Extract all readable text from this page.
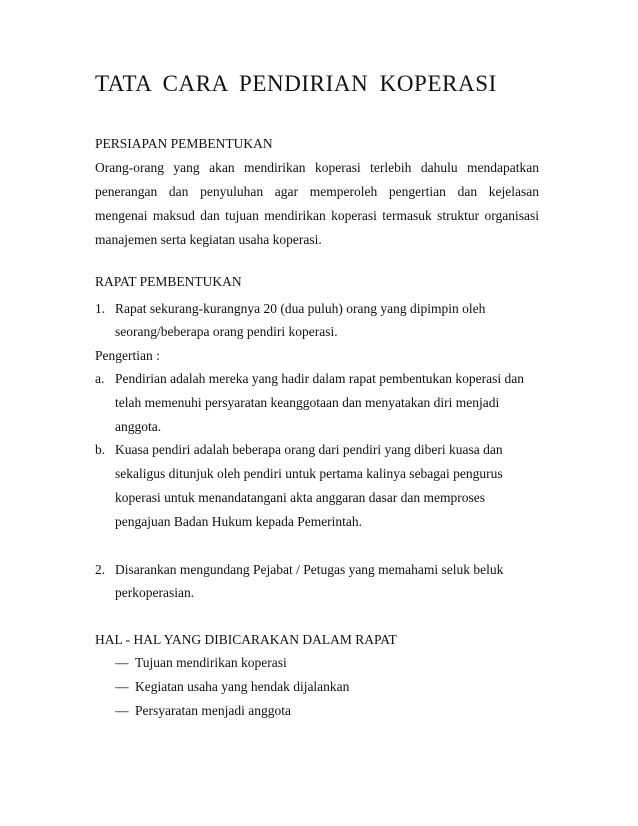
TATA CARA PENDIRIAN KOPERASI
PERSIAPAN PEMBENTUKAN
Orang-orang yang akan mendirikan koperasi terlebih dahulu mendapatkan
penerangan dan penyuluhan agar memperoleh pengertian dan kejelasan
mengenai maksud dan tujuan mendirikan koperasi termasuk struktur organisasi
manajemen serta kegiatan usaha koperasi.
RAPAT PEMBENTUKAN
1. Rapat sekurang-kurangnya 20 (dua puluh) orang yang dipimpin oleh
seorang/beberapa orang pendiri koperasi.
Pengertian :
a. Pendirian adalah mereka yang hadir dalam rapat pembentukan koperasi dan
telah memenuhi persyaratan keanggotaan dan menyatakan diri menjadi
anggota.
b. Kuasa pendiri adalah beberapa orang dari pendiri yang diberi kuasa dan
sekaligus ditunjuk oleh pendiri untuk pertama kalinya sebagai pengurus
koperasi untuk menandatangani akta anggaran dasar dan memproses
pengajuan Badan Hukum kepada Pemerintah.
2. Disarankan mengundang Pejabat / Petugas yang memahami seluk beluk
perkoperasian.
HAL - HAL YANG DIBICARAKAN DALAM RAPAT
— Tujuan mendirikan koperasi
— Kegiatan usaha yang hendak dijalankan
— Persyaratan menjadi anggota
